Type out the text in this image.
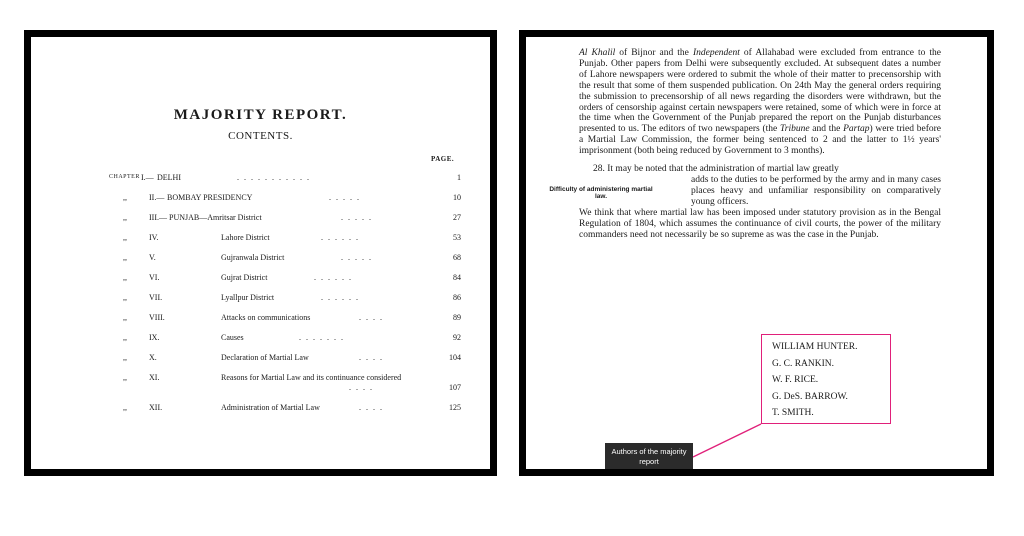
MAJORITY REPORT.
CONTENTS.
PAGE.
CHAPTER I.— DELHI	...........	1
,,	II.— BOMBAY PRESIDENCY	.....	10
,,	III.— PUNJAB—Amritsar District	.....	27
,,	IV.	Lahore District	......	53
,,	V.	Gujranwala District	.....	68
,,	VI.	Gujrat District	......	84
,,	VII.	Lyallpur District	......	86
,,	VIII.	Attacks on communications	....	89
,,	IX.	Causes	.......	92
,,	X.	Declaration of Martial Law	....	104
,,	XI.	Reasons for Martial Law and its continuance considered
....	107
,,	XII.	Administration of Martial Law	....	125

Al Khalil of Bijnor and the Independent of Allahabad were excluded from entrance to the Punjab. Other papers from Delhi were subsequently excluded. At subsequent dates a number of Lahore newspapers were ordered to submit the whole of their matter to precensorship with the result that some of them suspended publication. On 24th May the general orders requiring the submission to precensorship of all news regarding the disorders were withdrawn, but the orders of censorship against certain newspapers were retained, some of which were in force at the time when the Government of the Punjab prepared the report on the Punjab disturbances presented to us. The editors of two newspapers (the Tribune and the Partap) were tried before a Martial Law Commission, the former being sentenced to 2 and the latter to 1½ years' imprisonment (both being reduced by Government to 3 months).

28. It may be noted that the administration of martial law greatly

Difficulty of administering martial law.

adds to the duties to be performed by the army and in many cases places heavy and unfamiliar responsibility on comparatively young officers.

We think that where martial law has been imposed under statutory provision as in the Bengal Regulation of 1804, which assumes the continuance of civil courts, the power of the military commanders need not necessarily be so supreme as was the case in the Punjab.

WILLIAM HUNTER.
G. C. RANKIN.
W. F. RICE.
G. DeS. BARROW.
T. SMITH.
Authors of the majority report
